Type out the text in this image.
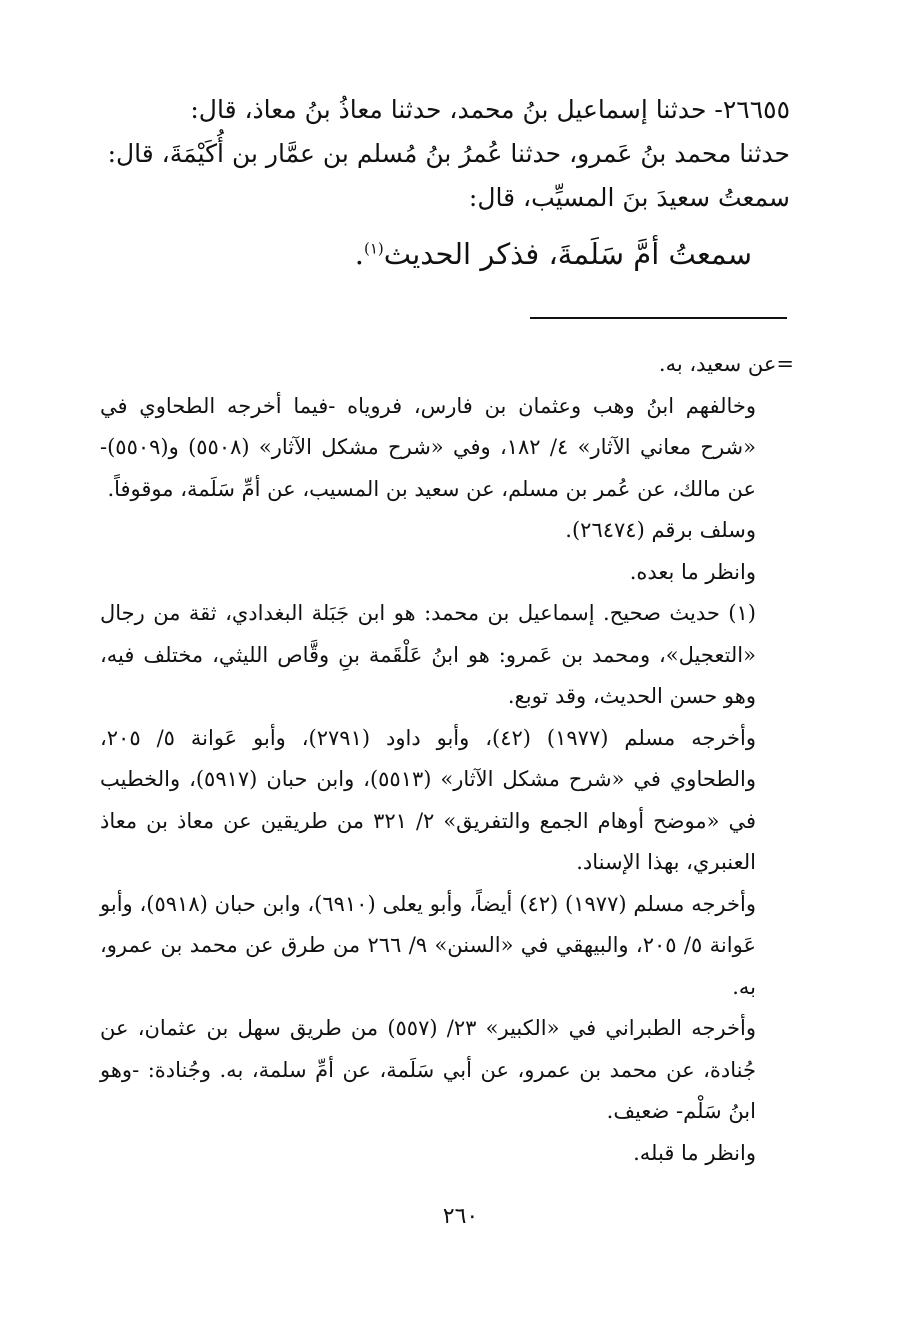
٢٦٦٥٥- حدثنا إسماعيل بنُ محمد، حدثنا معاذُ بنُ معاذ، قال:

حدثنا محمد بنُ عَمرو، حدثنا عُمرُ بنُ مُسلم بن عمَّار بن أُكَيْمَةَ، قال:

سمعتُ سعيدَ بنَ المسيِّب، قال:

سمعتُ أمَّ سَلَمةَ، فذكر الحديث$^{(١)}$.

=عن سعيد، به.

وخالفهم ابنُ وهب وعثمان بن فارس، فروياه -فيما أخرجه الطحاوي في «شرح معاني الآثار» ٤/ ١٨٢، وفي «شرح مشكل الآثار» (٥٥٠٨) و(٥٥٠٩)- عن مالك، عن عُمر بن مسلم، عن سعيد بن المسيب، عن أمِّ سَلَمة، موقوفاً.

وسلف برقم (٢٦٤٧٤).

وانظر ما بعده.

(١) حديث صحيح. إسماعيل بن محمد: هو ابن جَبَلة البغدادي، ثقة من رجال «التعجيل»، ومحمد بن عَمرو: هو ابنُ عَلْقَمة بنِ وقَّاص الليثي، مختلف فيه، وهو حسن الحديث، وقد توبع.

وأخرجه مسلم (١٩٧٧) (٤٢)، وأبو داود (٢٧٩١)، وأبو عَوانة ٥/ ٢٠٥، والطحاوي في «شرح مشكل الآثار» (٥٥١٣)، وابن حبان (٥٩١٧)، والخطيب في «موضح أوهام الجمع والتفريق» ٢/ ٣٢١ من طريقين عن معاذ بن معاذ العنبري، بهذا الإسناد.

وأخرجه مسلم (١٩٧٧) (٤٢) أيضاً، وأبو يعلى (٦٩١٠)، وابن حبان (٥٩١٨)، وأبو عَوانة ٥/ ٢٠٥، والبيهقي في «السنن» ٩/ ٢٦٦ من طرق عن محمد بن عمرو، به.

وأخرجه الطبراني في «الكبير» ٢٣/ (٥٥٧) من طريق سهل بن عثمان، عن جُنادة، عن محمد بن عمرو، عن أبي سَلَمة، عن أمِّ سلمة، به. وجُنادة: -وهو ابنُ سَلْم- ضعيف.

وانظر ما قبله.

٢٦٠
